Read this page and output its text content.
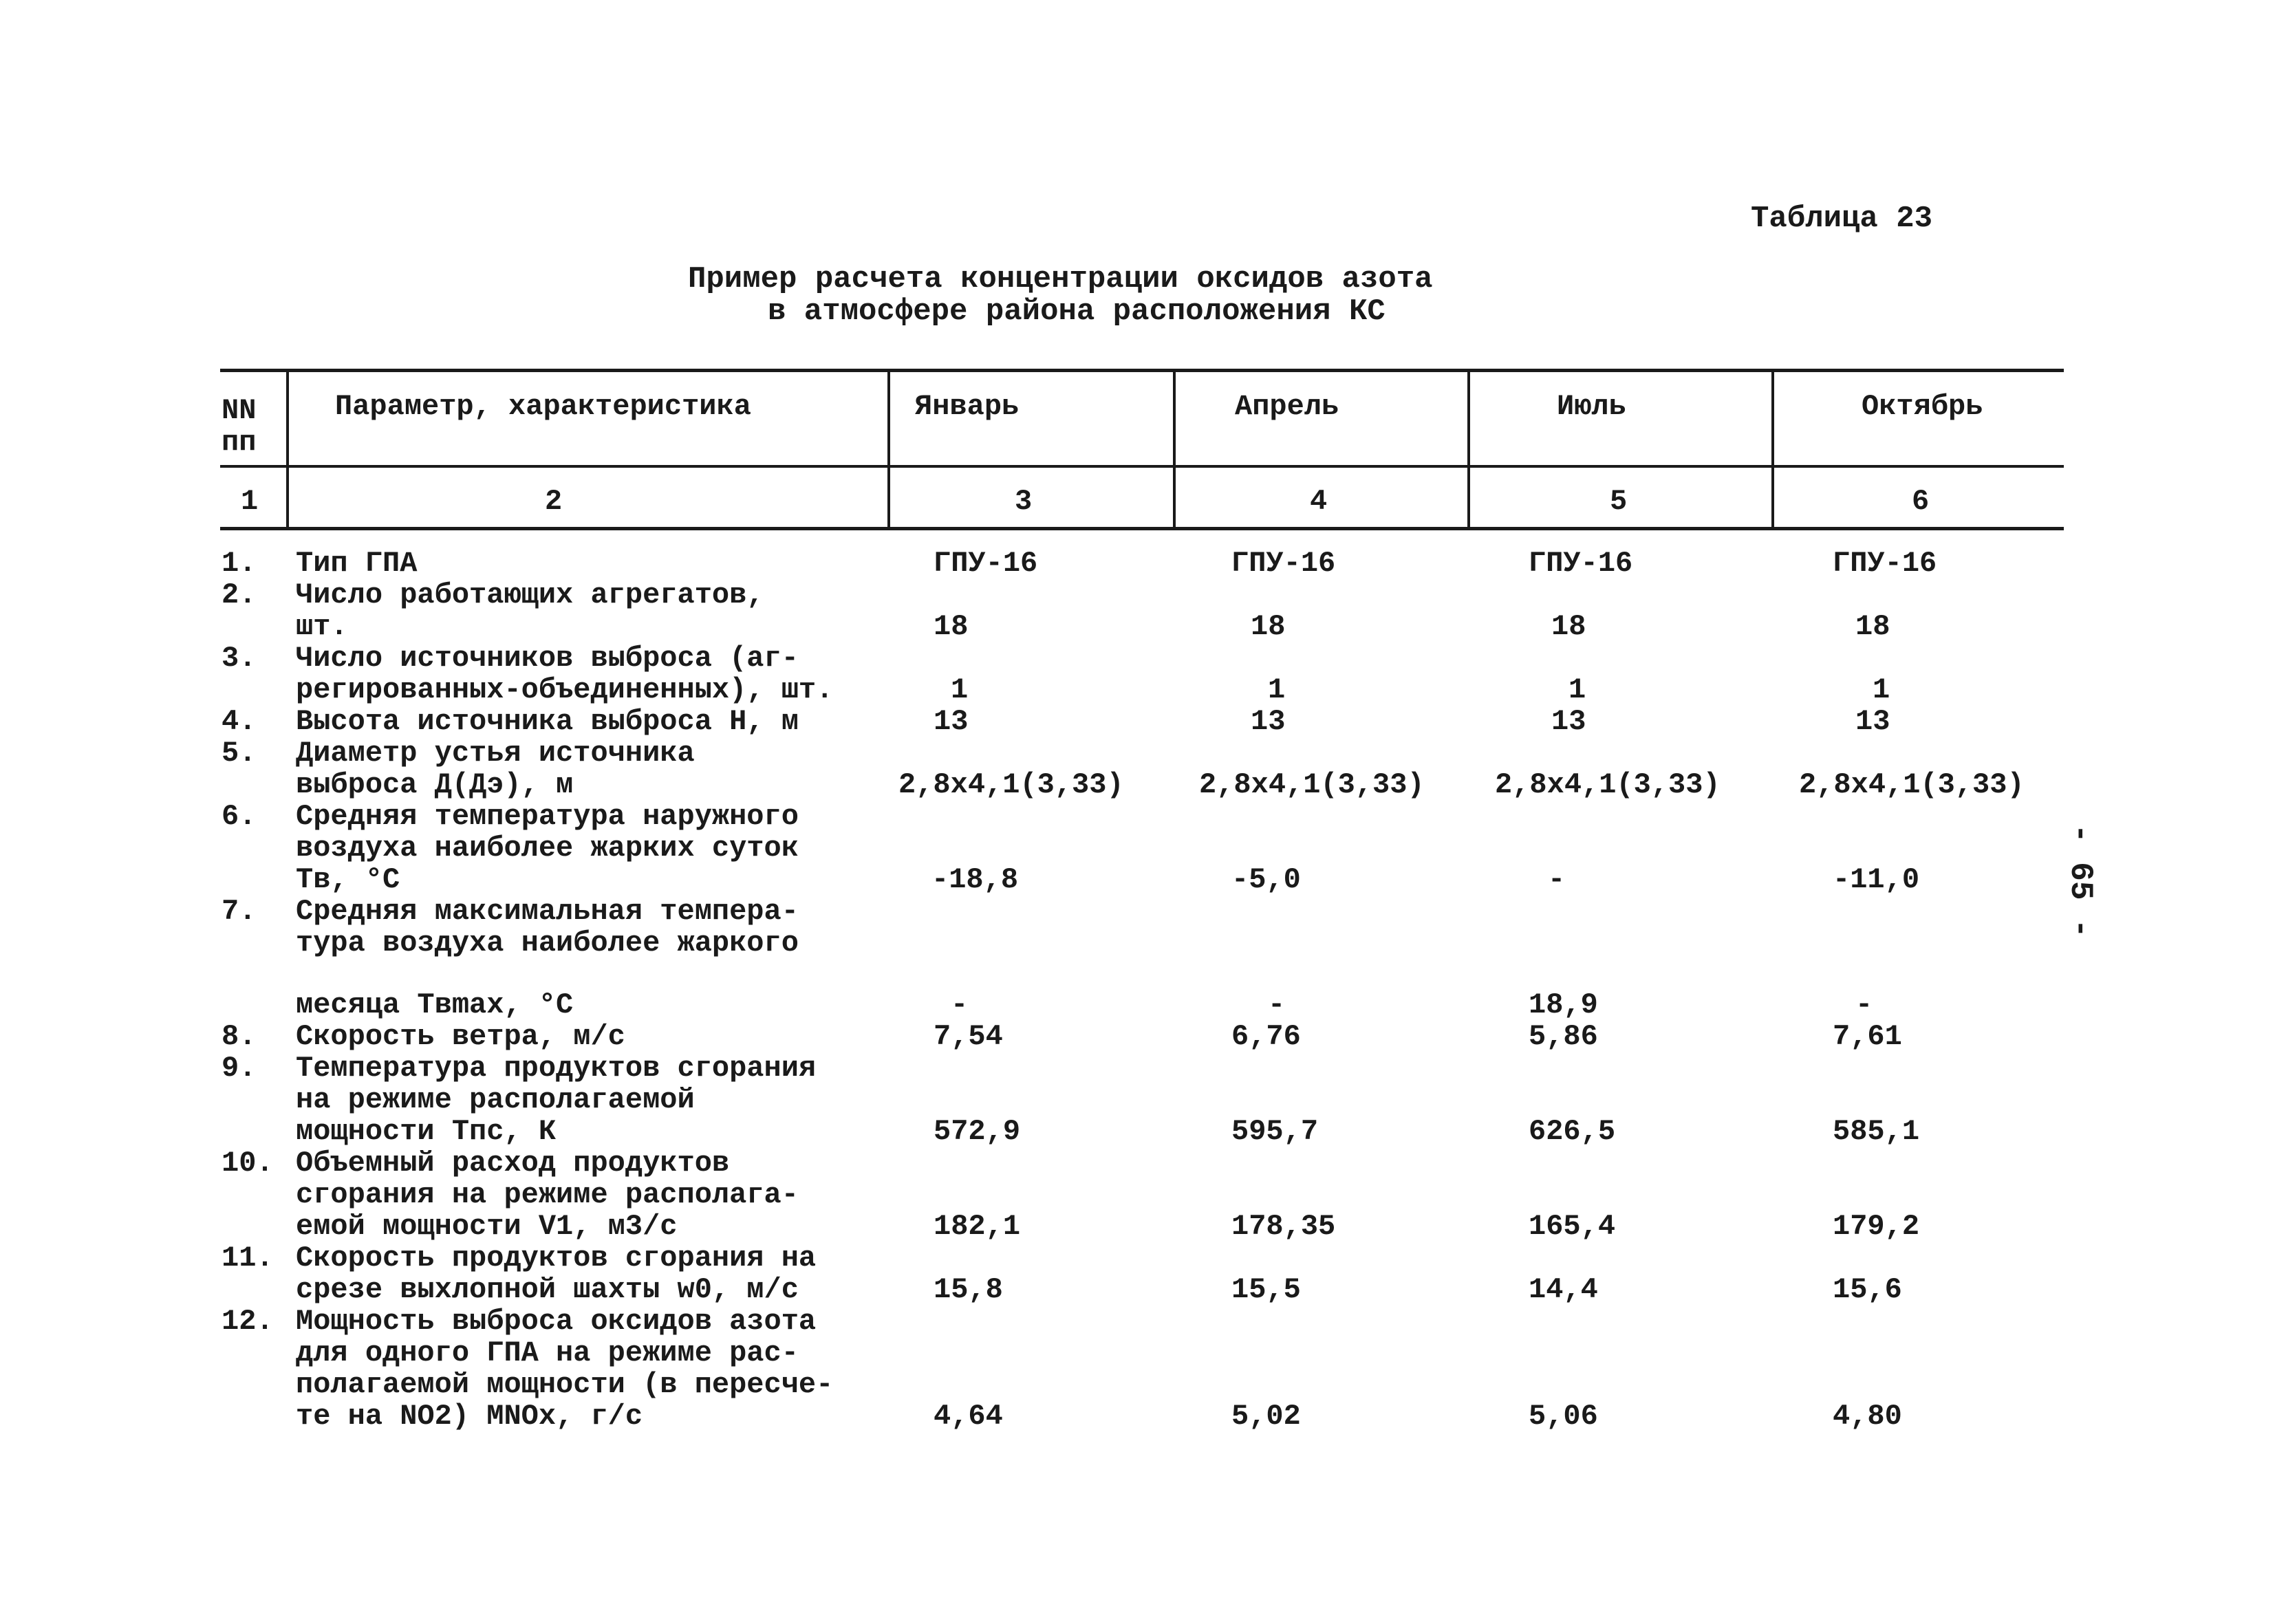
Таблица 23
Пример расчета концентрации оксидов азота
в атмосфере района расположения КС
- 65 -
NN
пп
Параметр, характеристика	Январь	Апрель	Июль	Октябрь
1	2	3	4	5	6
1. Тип ГПА	ГПУ-16	ГПУ-16	ГПУ-16	ГПУ-16
2. Число работающих агрегатов,
шт.	18	18	18	18
3. Число источников выброса (аг-
регированных-объединенных), шт.	1	1	1	1
4. Высота источника выброса Н, м	13	13	13	13
5. Диаметр устья источника
выброса Д(Дэ), м	2,8х4,1(3,33)	2,8х4,1(3,33) 2,8х4,1(3,33)	2,8х4,1(3,33)
6. Средняя температура наружного
воздуха наиболее жарких суток
Тв, °С	-18,8	-5,0	-	-11,0
7. Средняя максимальная темпера-
тура воздуха наиболее жаркого
месяца Твmax, °С	-	-	18,9	-
8. Скорость ветра, м/с	7,54	6,76	5,86	7,61
9. Температура продуктов сгорания
на режиме располагаемой
мощности Тпс, К	572,9	595,7	626,5	585,1
10. Объемный расход продуктов
сгорания на режиме располага-
емой мощности V1, м3/с	182,1	178,35	165,4	179,2
11. Скорость продуктов сгорания на
срезе выхлопной шахты w0, м/с	15,8	15,5	14,4	15,6
12. Мощность выброса оксидов азота
для одного ГПА на режиме рас-
полагаемой мощности (в пересче-
те на NO2) MNOx, г/с	4,64	5,02	5,06	4,80
